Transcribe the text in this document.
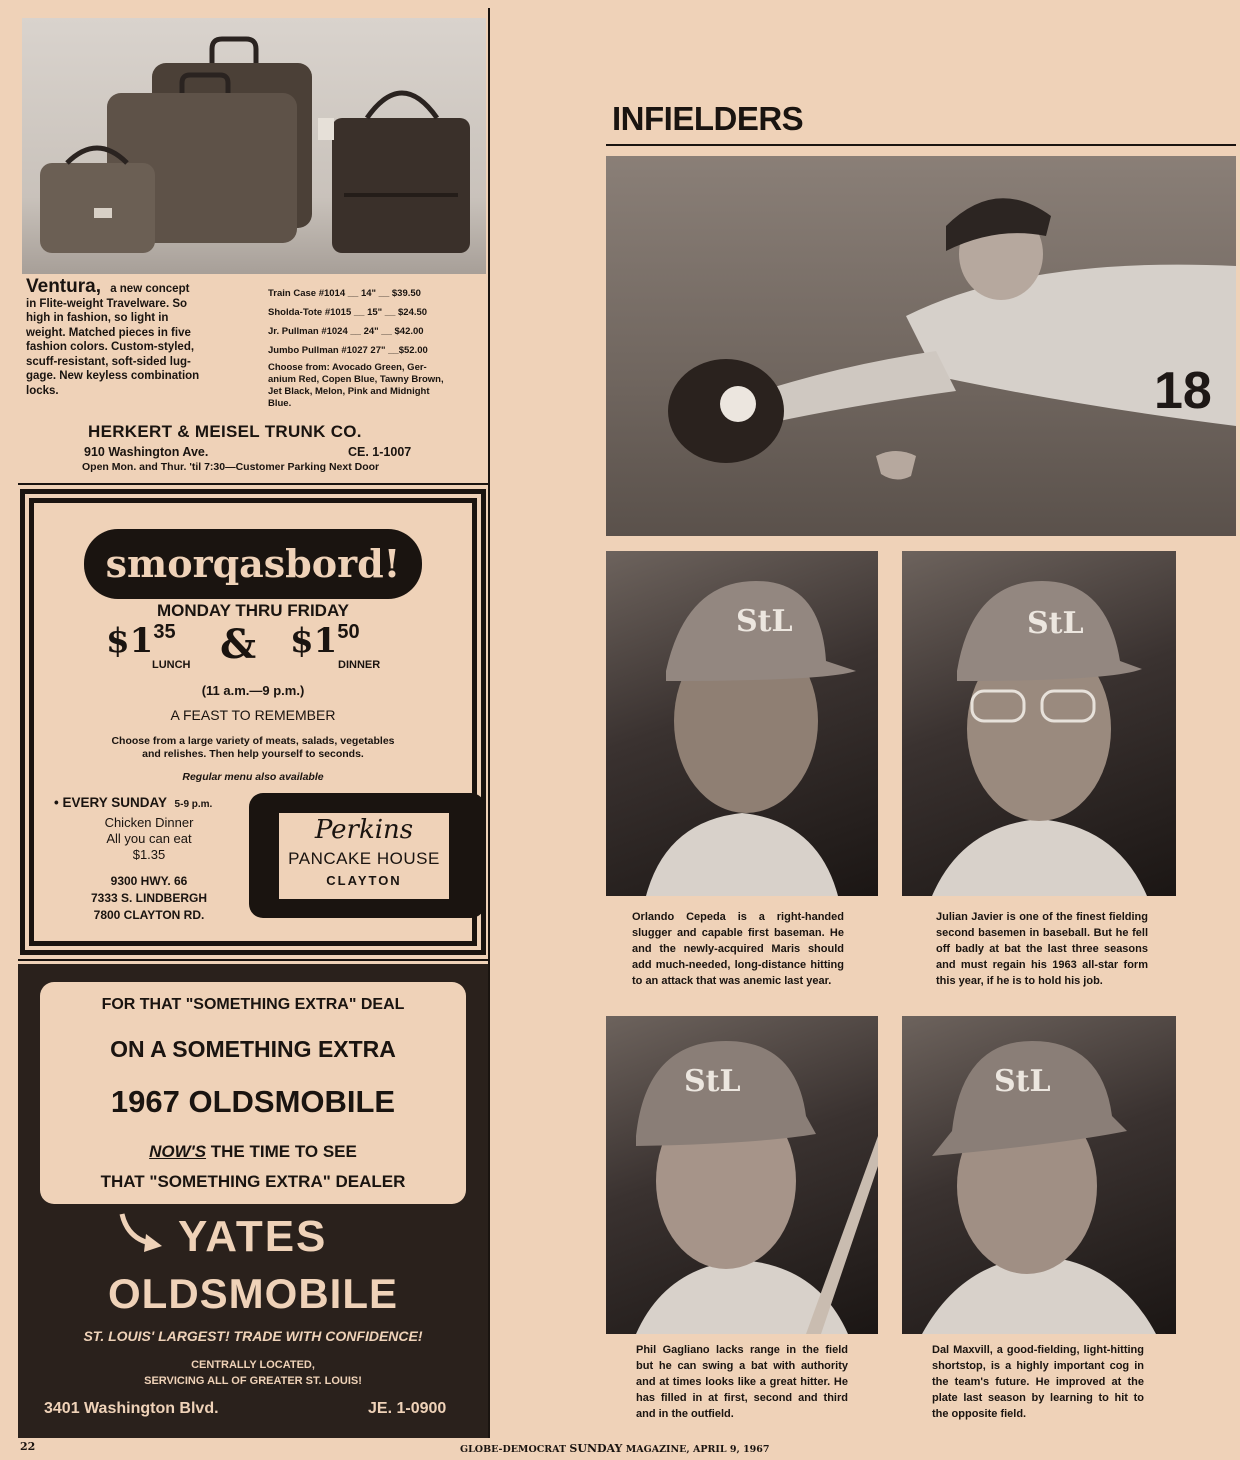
Ventura, a new concept
in Flite-weight Travelware. So
high in fashion, so light in
weight. Matched pieces in five
fashion colors. Custom-styled,
scuff-resistant, soft-sided lug-
gage. New keyless combination
locks.
Train Case #1014 __ 14" __ $39.50
Sholda-Tote #1015 __ 15" __ $24.50
Jr. Pullman #1024 __ 24" __ $42.00
Jumbo Pullman #1027 27" __$52.00
Choose from: Avocado Green, Ger-
anium Red, Copen Blue, Tawny Brown,
Jet Black, Melon, Pink and Midnight
Blue.
HERKERT & MEISEL TRUNK CO.
910 Washington Ave.	CE. 1-1007
Open Mon. and Thur. 'til 7:30—Customer Parking Next Door
smorqasbord!
MONDAY THRU FRIDAY
$135
LUNCH & $150
DINNER
(11 a.m.—9 p.m.)
A FEAST TO REMEMBER
Choose from a large variety of meats, salads, vegetables
and relishes. Then help yourself to seconds.
Regular menu also available
• EVERY SUNDAY 5-9 p.m.
Chicken Dinner
All you can eat
$1.35
9300 HWY. 66
7333 S. LINDBERGH
7800 CLAYTON RD.
Perkins
PANCAKE HOUSE
CLAYTON
FOR THAT "SOMETHING EXTRA" DEAL
ON A SOMETHING EXTRA
1967 OLDSMOBILE
NOW'S THE TIME TO SEE
THAT "SOMETHING EXTRA" DEALER
YATES
OLDSMOBILE
ST. LOUIS' LARGEST! TRADE WITH CONFIDENCE!
CENTRALLY LOCATED,
SERVICING ALL OF GREATER ST. LOUIS!
3401 Washington Blvd.	JE. 1-0900
INFIELDERS
18
StL
Orlando Cepeda is a right-handed slugger and capable first baseman. He and the newly-acquired Maris should add much-needed, long-distance hitting to an attack that was anemic last year.
StL
Julian Javier is one of the finest fielding second basemen in baseball. But he fell off badly at bat the last three seasons and must regain his 1963 all-star form this year, if he is to hold his job.
StL
Phil Gagliano lacks range in the field but he can swing a bat with authority and at times looks like a great hitter. He has filled in at first, second and third and in the outfield.
StL
Dal Maxvill, a good-fielding, light-hitting shortstop, is a highly important cog in the team's future. He improved at the plate last season by learning to hit to the opposite field.
22	GLOBE-DEMOCRAT SUNDAY MAGAZINE, APRIL 9, 1967
